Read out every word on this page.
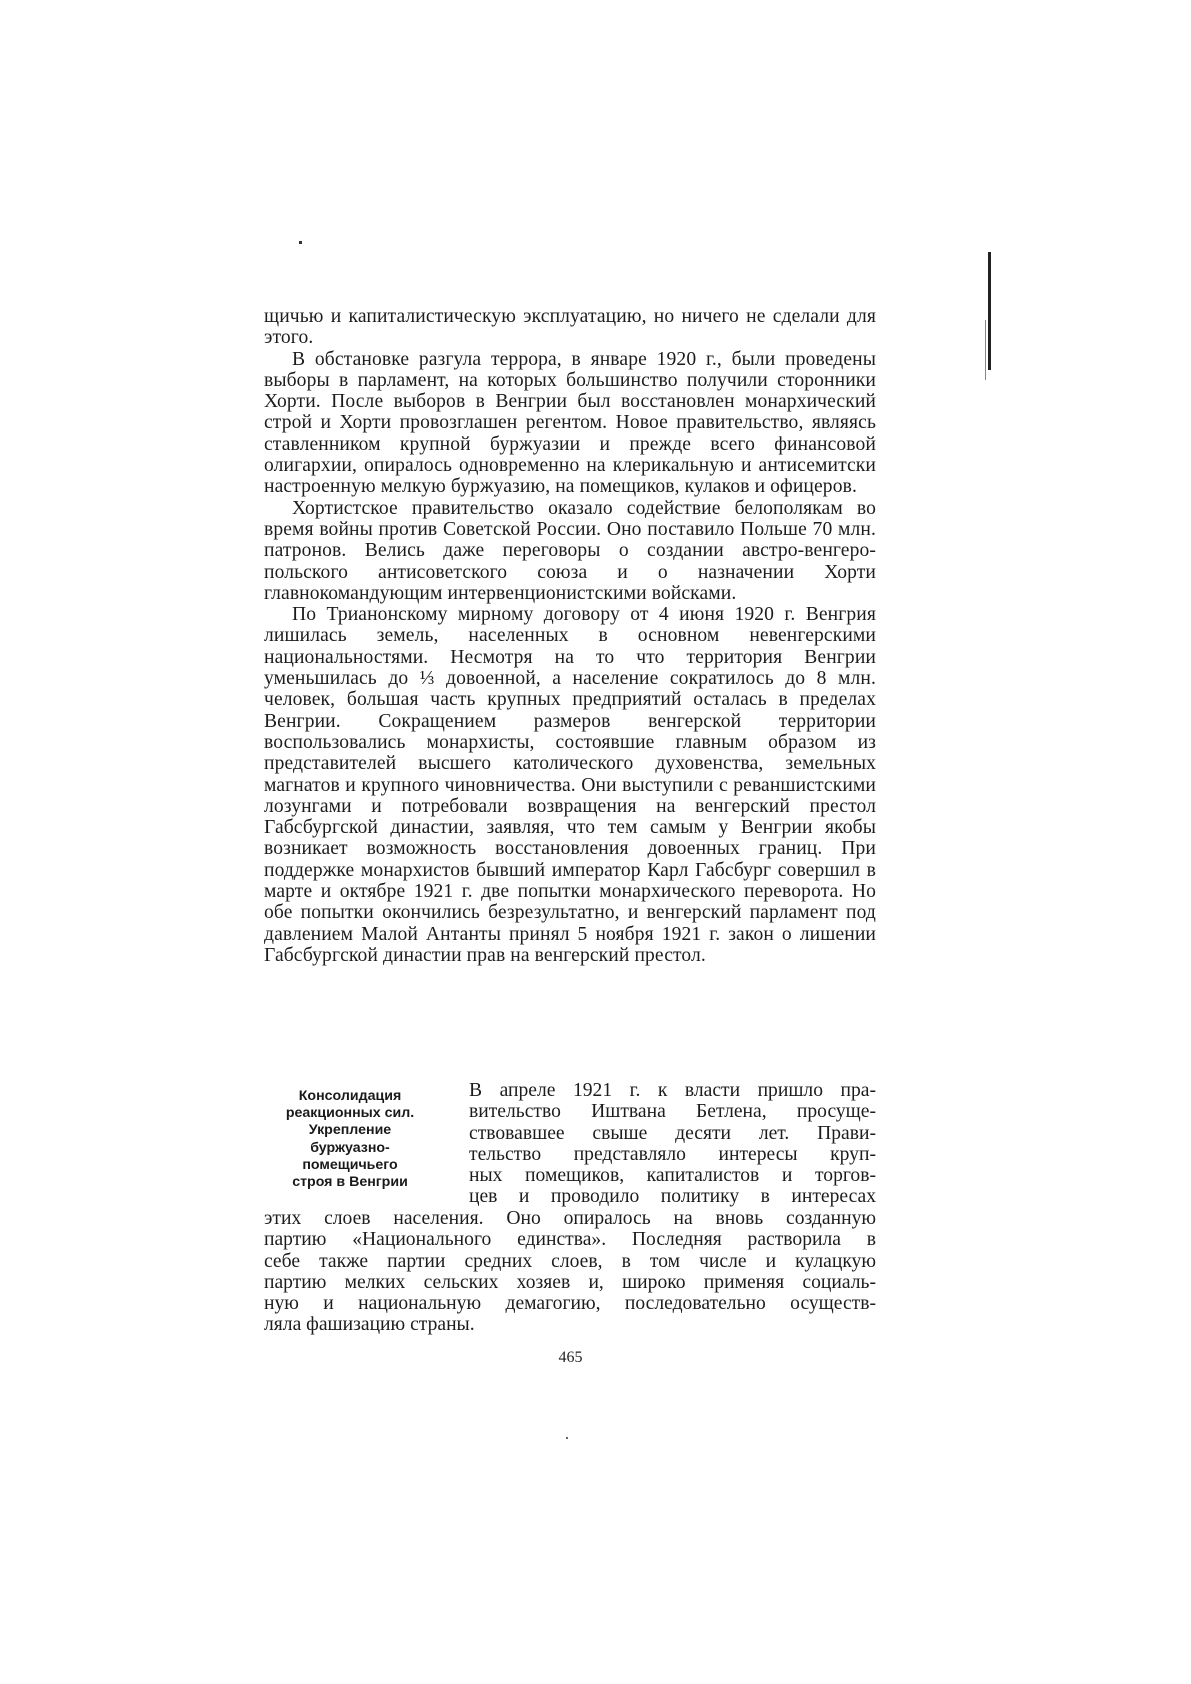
щичью и капиталистическую эксплуатацию, но ничего не сделали для этого.

В обстановке разгула террора, в январе 1920 г., были проведены выборы в парламент, на которых большинство получили сторонники Хорти. После выборов в Венгрии был восстановлен монархический строй и Хорти провозглашен регентом. Новое правительство, являясь ставленником крупной буржуазии и прежде всего финансовой олигархии, опиралось одновременно на клерикальную и антисемитски настроенную мелкую буржуазию, на помещиков, кулаков и офицеров.

Хортистское правительство оказало содействие белополякам во время войны против Советской России. Оно поставило Польше 70 млн. патронов. Велись даже переговоры о создании австро-венгеро-польского антисоветского союза и о назначении Хорти главнокомандующим интервенционистскими войсками.

По Трианонскому мирному договору от 4 июня 1920 г. Венгрия лишилась земель, населенных в основном невенгерскими национальностями. Несмотря на то что территория Венгрии уменьшилась до ⅓ довоенной, а население сократилось до 8 млн. человек, большая часть крупных предприятий осталась в пределах Венгрии. Сокращением размеров венгерской территории воспользовались монархисты, состоявшие главным образом из представителей высшего католического духовенства, земельных магнатов и крупного чиновничества. Они выступили с реваншистскими лозунгами и потребовали возвращения на венгерский престол Габсбургской династии, заявляя, что тем самым у Венгрии якобы возникает возможность восстановления довоенных границ. При поддержке монархистов бывший император Карл Габсбург совершил в марте и октябре 1921 г. две попытки монархического переворота. Но обе попытки окончились безрезультатно, и венгерский парламент под давлением Малой Антанты принял 5 ноября 1921 г. закон о лишении Габсбургской династии прав на венгерский престол.

Консолидация
реакционных сил.
Укрепление
буржуазно-
помещичьего
строя в Венгрии
В апреле 1921 г. к власти пришло пра-
вительство Иштвана Бетлена, просуще-
ствовавшее свыше десяти лет. Прави-
тельство представляло интересы круп-
ных помещиков, капиталистов и торгов-
цев и проводило политику в интересах
этих слоев населения. Оно опиралось на вновь созданную
партию «Национального единства». Последняя растворила в
себе также партии средних слоев, в том числе и кулацкую
партию мелких сельских хозяев и, широко применяя социаль-
ную и национальную демагогию, последовательно осуществ-
ляла фашизацию страны.
465
